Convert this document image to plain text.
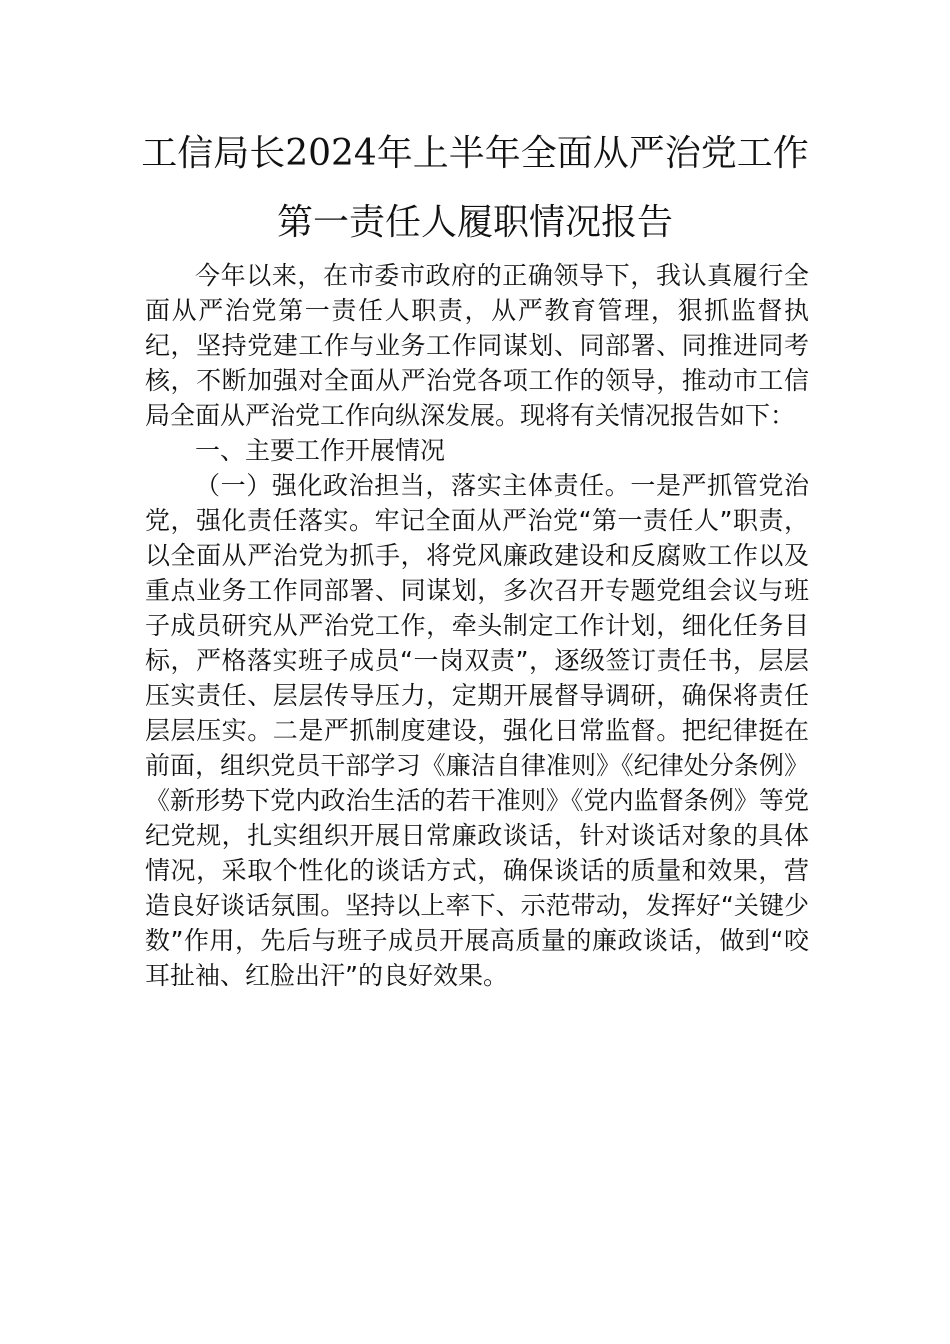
工信局长2024年上半年全面从严治党工作
第一责任人履职情况报告

今年以来，在市委市政府的正确领导下，我认真履行全面从严治党第一责任人职责，从严教育管理，狠抓监督执纪，坚持党建工作与业务工作同谋划、同部署、同推进同考核，不断加强对全面从严治党各项工作的领导，推动市工信局全面从严治党工作向纵深发展。现将有关情况报告如下：

一、主要工作开展情况

（一）强化政治担当，落实主体责任。一是严抓管党治党，强化责任落实。牢记全面从严治党“第一责任人”职责，以全面从严治党为抓手，将党风廉政建设和反腐败工作以及重点业务工作同部署、同谋划，多次召开专题党组会议与班子成员研究从严治党工作，牵头制定工作计划，细化任务目标，严格落实班子成员“一岗双责”，逐级签订责任书，层层压实责任、层层传导压力，定期开展督导调研，确保将责任层层压实。二是严抓制度建设，强化日常监督。把纪律挺在前面，组织党员干部学习《廉洁自律准则》《纪律处分条例》《新形势下党内政治生活的若干准则》《党内监督条例》等党纪党规，扎实组织开展日常廉政谈话，针对谈话对象的具体情况，采取个性化的谈话方式，确保谈话的质量和效果，营造良好谈话氛围。坚持以上率下、示范带动，发挥好“关键少数”作用，先后与班子成员开展高质量的廉政谈话，做到“咬耳扯袖、红脸出汗”的良好效果。
